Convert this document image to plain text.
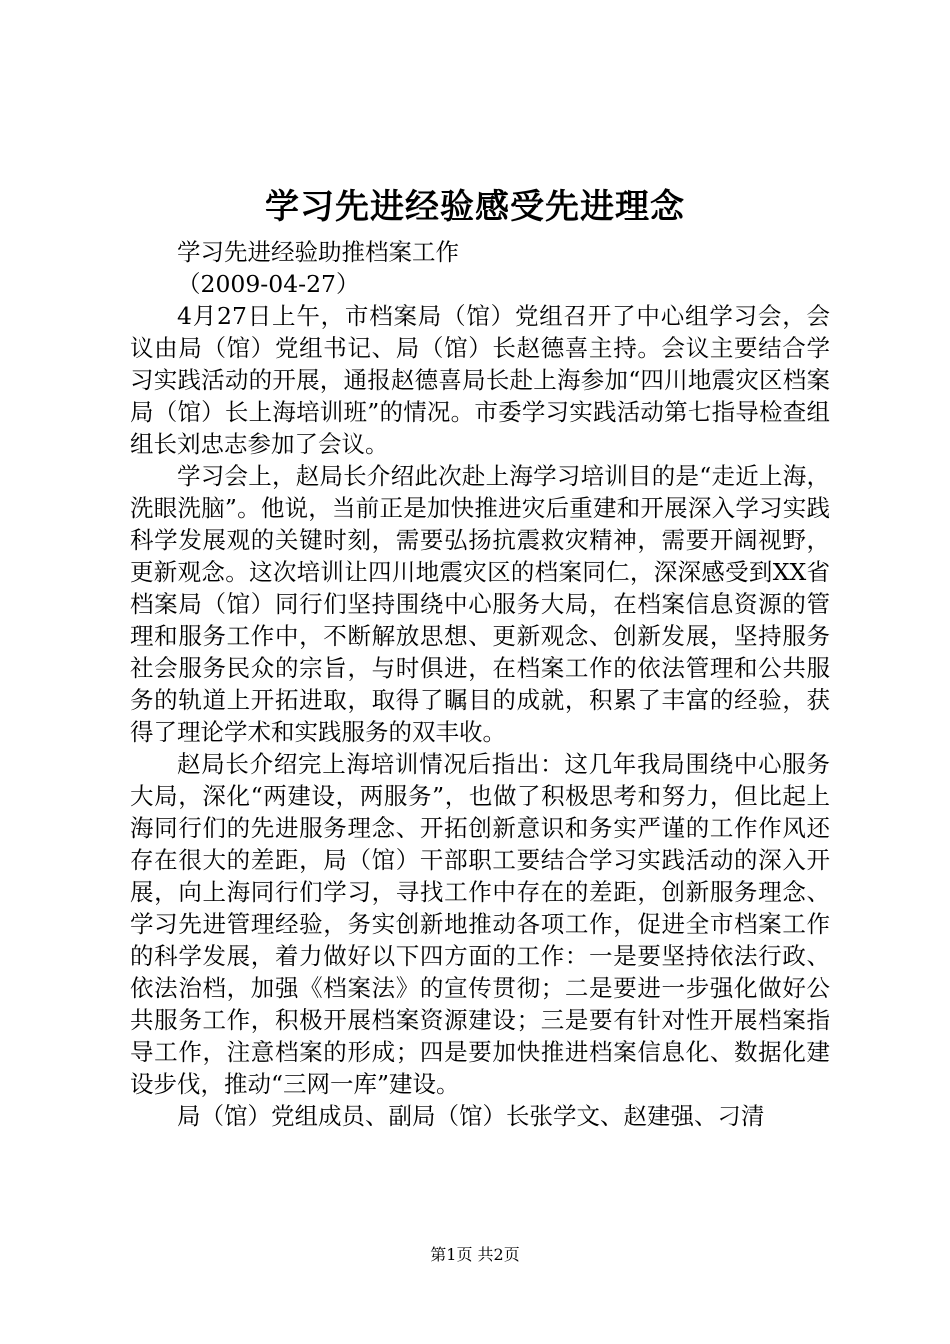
学习先进经验感受先进理念

学习先进经验助推档案工作

（2009-04-27）

4月27日上午，市档案局（馆）党组召开了中心组学习会，会议由局（馆）党组书记、局（馆）长赵德喜主持。会议主要结合学习实践活动的开展，通报赵德喜局长赴上海参加“四川地震灾区档案局（馆）长上海培训班”的情况。市委学习实践活动第七指导检查组组长刘忠志参加了会议。

学习会上，赵局长介绍此次赴上海学习培训目的是“走近上海，洗眼洗脑”。他说，当前正是加快推进灾后重建和开展深入学习实践科学发展观的关键时刻，需要弘扬抗震救灾精神，需要开阔视野，更新观念。这次培训让四川地震灾区的档案同仁，深深感受到XX省档案局（馆）同行们坚持围绕中心服务大局，在档案信息资源的管理和服务工作中，不断解放思想、更新观念、创新发展，坚持服务社会服务民众的宗旨，与时俱进，在档案工作的依法管理和公共服务的轨道上开拓进取，取得了瞩目的成就，积累了丰富的经验，获得了理论学术和实践服务的双丰收。

赵局长介绍完上海培训情况后指出：这几年我局围绕中心服务大局，深化“两建设，两服务”，也做了积极思考和努力，但比起上海同行们的先进服务理念、开拓创新意识和务实严谨的工作作风还存在很大的差距，局（馆）干部职工要结合学习实践活动的深入开展，向上海同行们学习，寻找工作中存在的差距，创新服务理念、学习先进管理经验，务实创新地推动各项工作，促进全市档案工作的科学发展，着力做好以下四方面的工作：一是要坚持依法行政、依法治档，加强《档案法》的宣传贯彻；二是要进一步强化做好公共服务工作，积极开展档案资源建设；三是要有针对性开展档案指导工作，注意档案的形成；四是要加快推进档案信息化、数据化建设步伐，推动“三网一库”建设。

局（馆）党组成员、副局（馆）长张学文、赵建强、刁清

第1页 共2页
